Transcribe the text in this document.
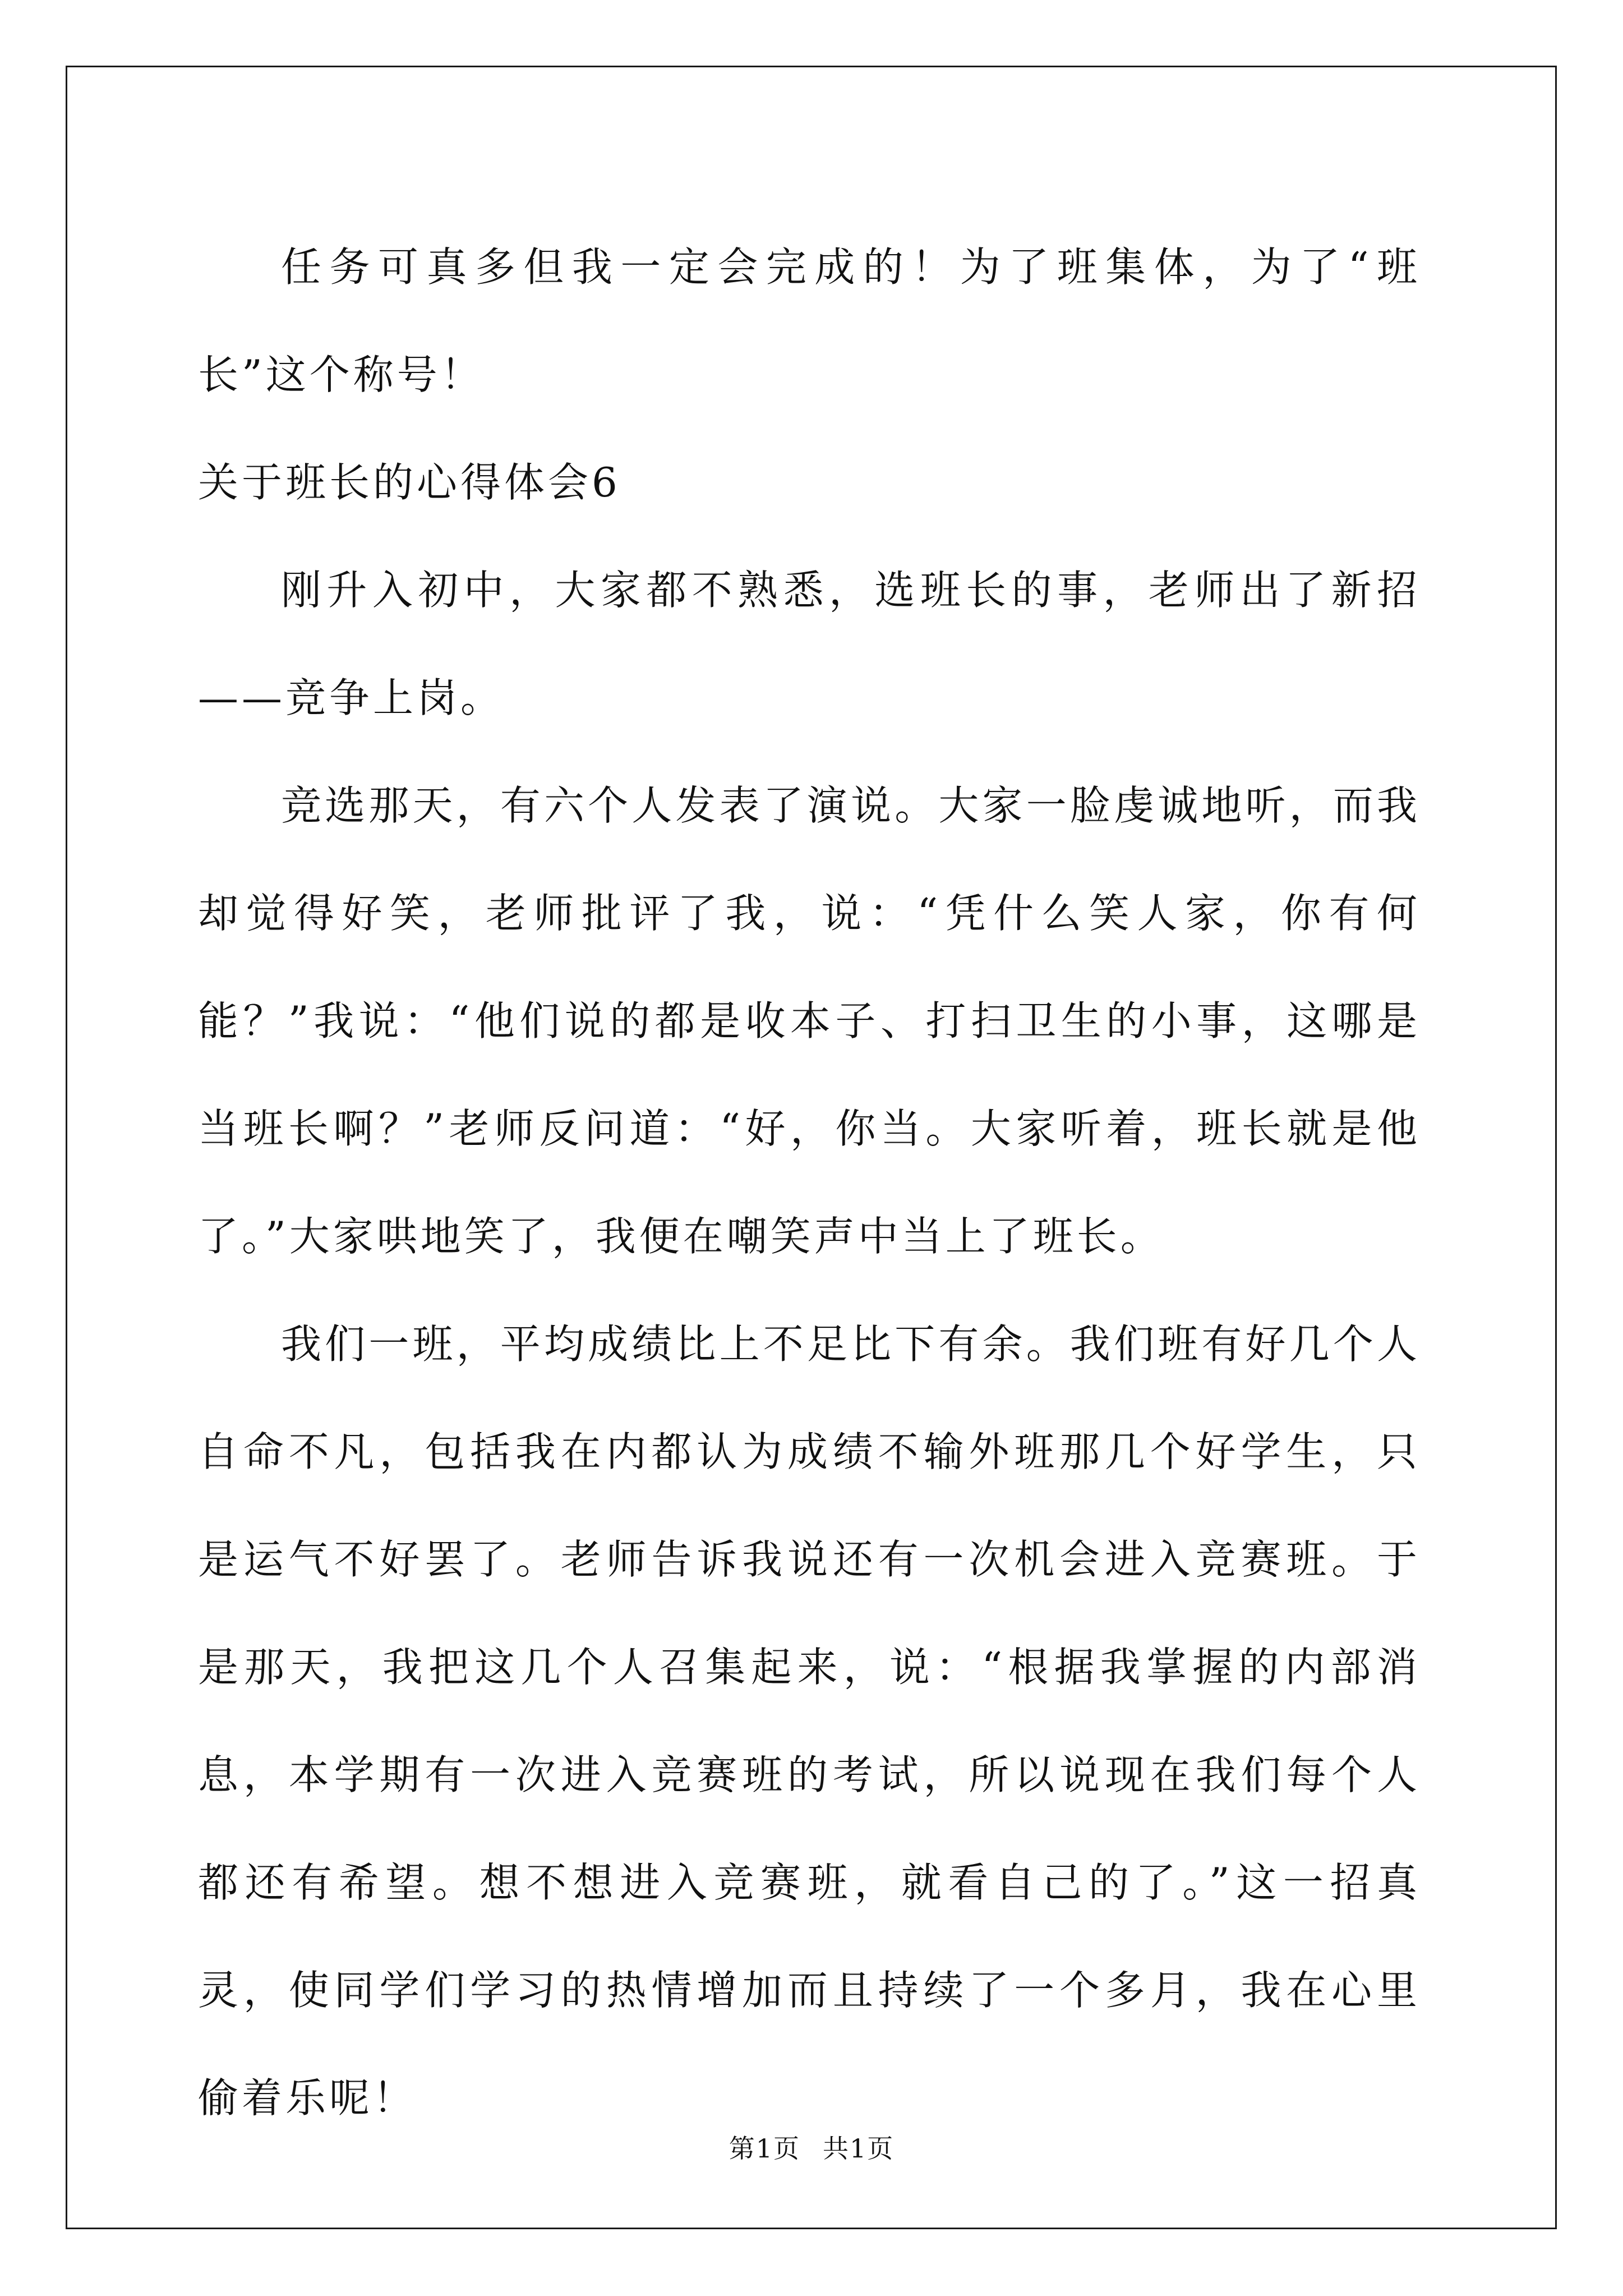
任务可真多但我一定会完成的！为了班集体，为了“班长”这个称号！

关于班长的心得体会6

刚升入初中，大家都不熟悉，选班长的事，老师出了新招——竞争上岗。

竞选那天，有六个人发表了演说。大家一脸虔诚地听，而我却觉得好笑，老师批评了我，说：“凭什么笑人家，你有何能？”我说：“他们说的都是收本子、打扫卫生的小事，这哪是当班长啊？”老师反问道：“好，你当。大家听着，班长就是他了。”大家哄地笑了，我便在嘲笑声中当上了班长。

我们一班，平均成绩比上不足比下有余。我们班有好几个人自命不凡，包括我在内都认为成绩不输外班那几个好学生，只是运气不好罢了。老师告诉我说还有一次机会进入竞赛班。于是那天，我把这几个人召集起来，说：“根据我掌握的内部消息，本学期有一次进入竞赛班的考试，所以说现在我们每个人都还有希望。想不想进入竞赛班，就看自己的了。”这一招真灵，使同学们学习的热情增加而且持续了一个多月，我在心里偷着乐呢！

第1页 共1页
